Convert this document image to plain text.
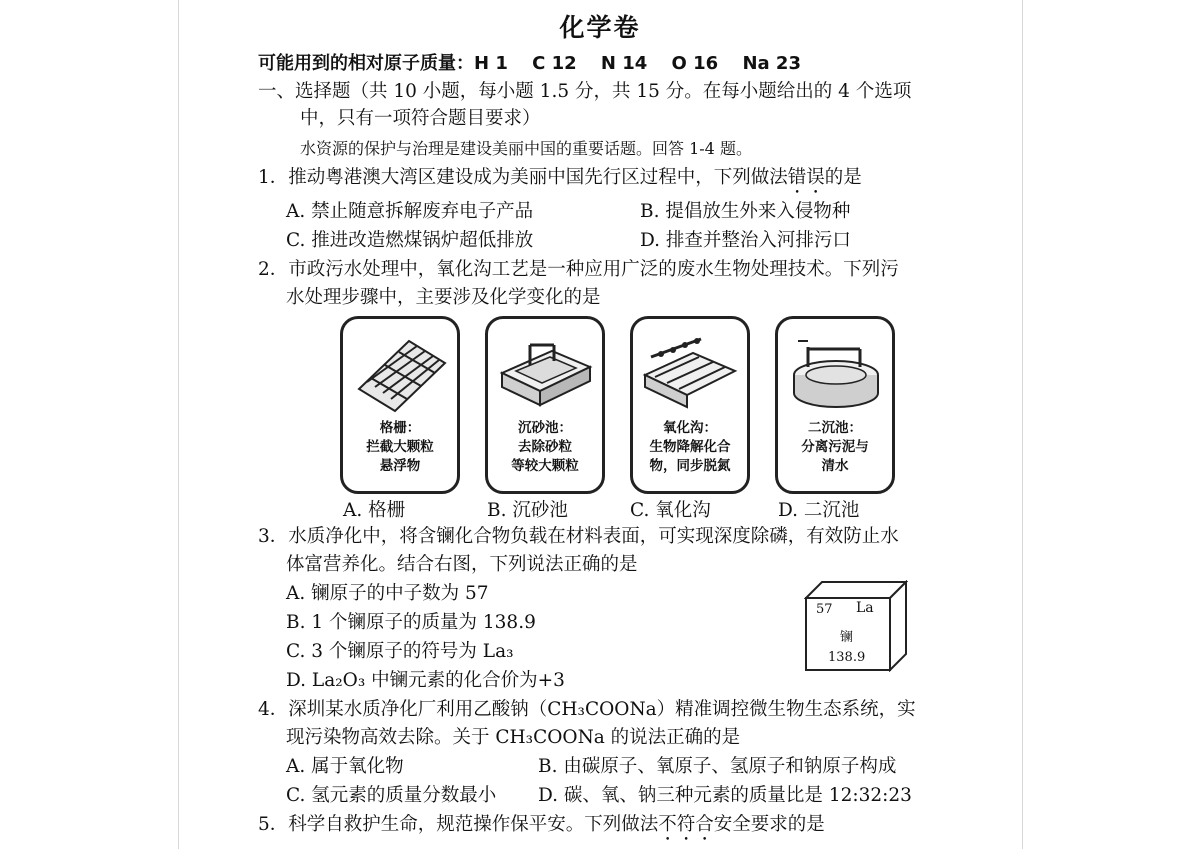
化学卷
可能用到的相对原子质量：H 1　 C 12　 N 14　 O 16　 Na 23
一、选择题（共 10 小题，每小题 1.5 分，共 15 分。在每小题给出的 4 个选项
中，只有一项符合题目要求）
水资源的保护与治理是建设美丽中国的重要话题。回答 1-4 题。
1．推动粤港澳大湾区建设成为美丽中国先行区过程中，下列做法错误的是
A. 禁止随意拆解废弃电子产品	B. 提倡放生外来入侵物种
C. 推进改造燃煤锅炉超低排放	D. 排查并整治入河排污口
2．市政污水处理中，氧化沟工艺是一种应用广泛的废水生物处理技术。下列污
水处理步骤中，主要涉及化学变化的是
格栅：
拦截大颗粒
悬浮物
沉砂池：
去除砂粒
等较大颗粒
氧化沟：
生物降解化合
物，同步脱氮
二沉池：
分离污泥与
清水
A. 格栅	B. 沉砂池	C. 氧化沟	D. 二沉池
3．水质净化中，将含镧化合物负载在材料表面，可实现深度除磷，有效防止水
体富营养化。结合右图，下列说法正确的是
A. 镧原子的中子数为 57
B. 1 个镧原子的质量为 138.9
C. 3 个镧原子的符号为 La₃
D. La₂O₃ 中镧元素的化合价为+3
57 La
镧
138.9
4．深圳某水质净化厂利用乙酸钠（CH₃COONa）精准调控微生物生态系统，实
现污染物高效去除。关于 CH₃COONa 的说法正确的是
A. 属于氧化物	B. 由碳原子、氧原子、氢原子和钠原子构成
C. 氢元素的质量分数最小 D. 碳、氧、钠三种元素的质量比是 12:32:23
5．科学自救护生命，规范操作保平安。下列做法不符合安全要求的是
